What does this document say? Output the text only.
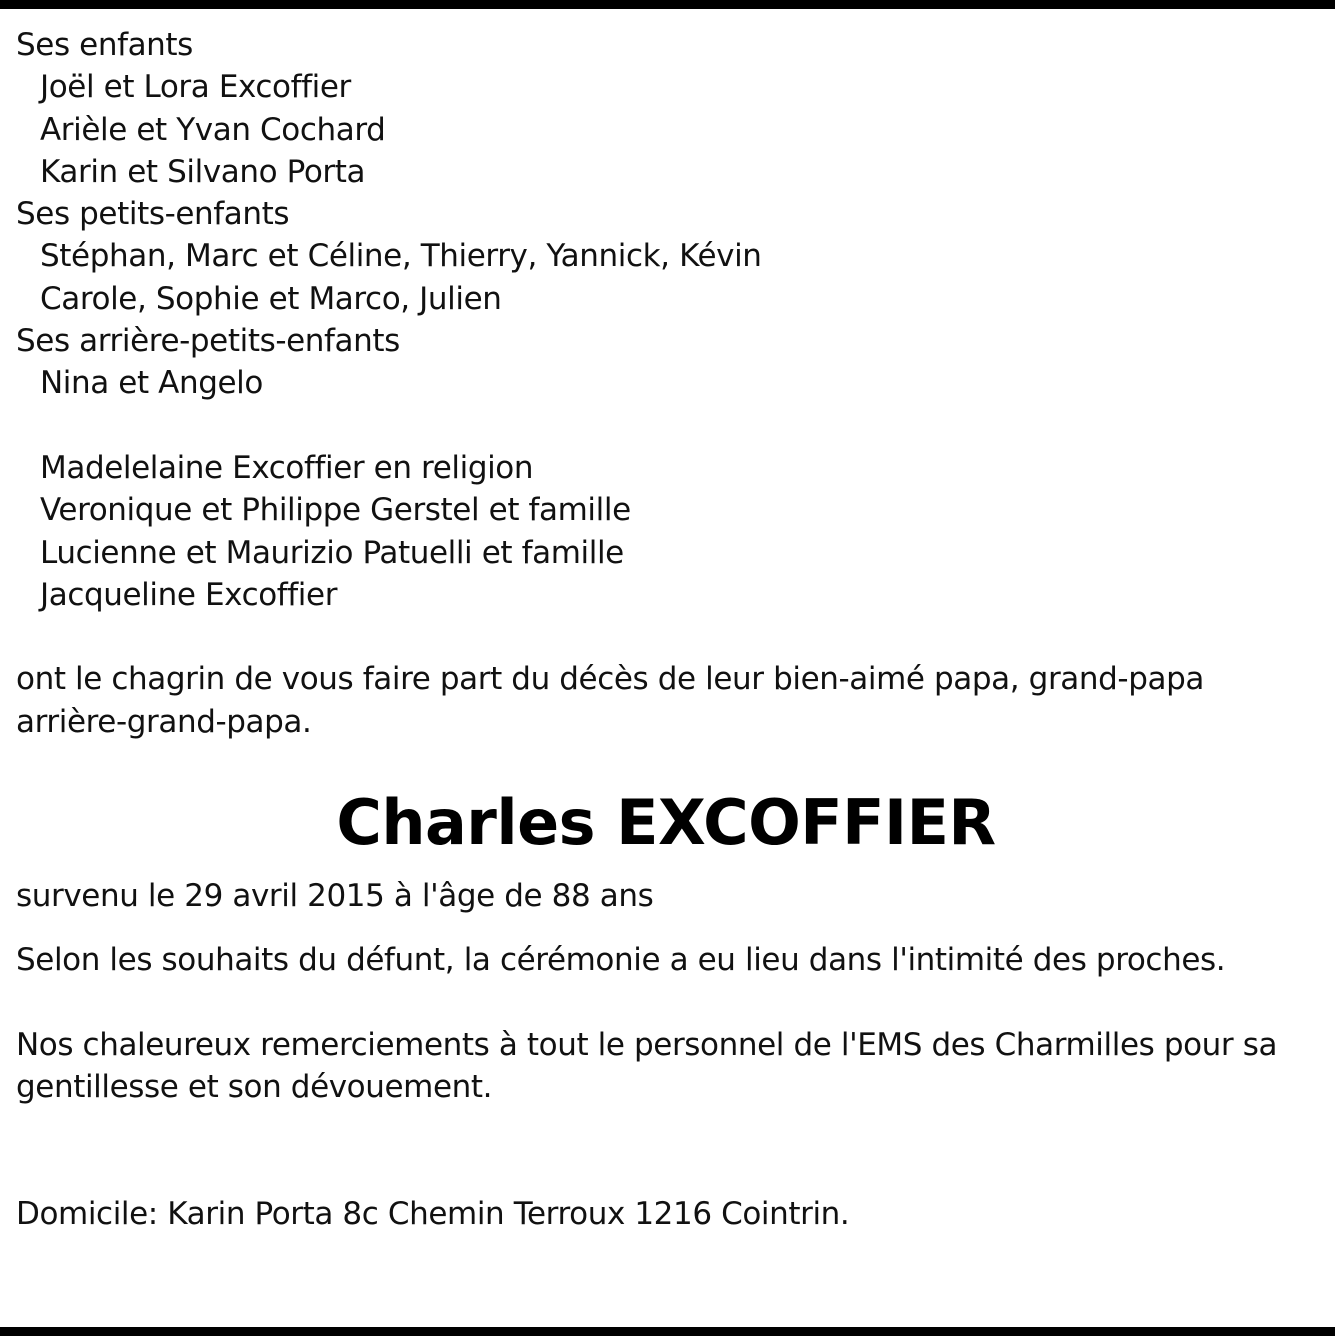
Ses enfants
Joël et Lora Excoffier
Arièle et Yvan Cochard
Karin et Silvano Porta
Ses petits-enfants
Stéphan, Marc et Céline, Thierry, Yannick, Kévin
Carole, Sophie et Marco, Julien
Ses arrière-petits-enfants
Nina et Angelo
Madelelaine Excoffier en religion
Veronique et Philippe Gerstel et famille
Lucienne et Maurizio Patuelli et famille
Jacqueline Excoffier
ont le chagrin de vous faire part du décès de leur bien-aimé papa, grand-papa
arrière-grand-papa.
Charles EXCOFFIER
survenu le 29 avril 2015 à l'âge de 88 ans
Selon les souhaits du défunt, la cérémonie a eu lieu dans l'intimité des proches.
Nos chaleureux remerciements à tout le personnel de l'EMS des Charmilles pour sa
gentillesse et son dévouement.
Domicile: Karin Porta 8c Chemin Terroux 1216 Cointrin.
